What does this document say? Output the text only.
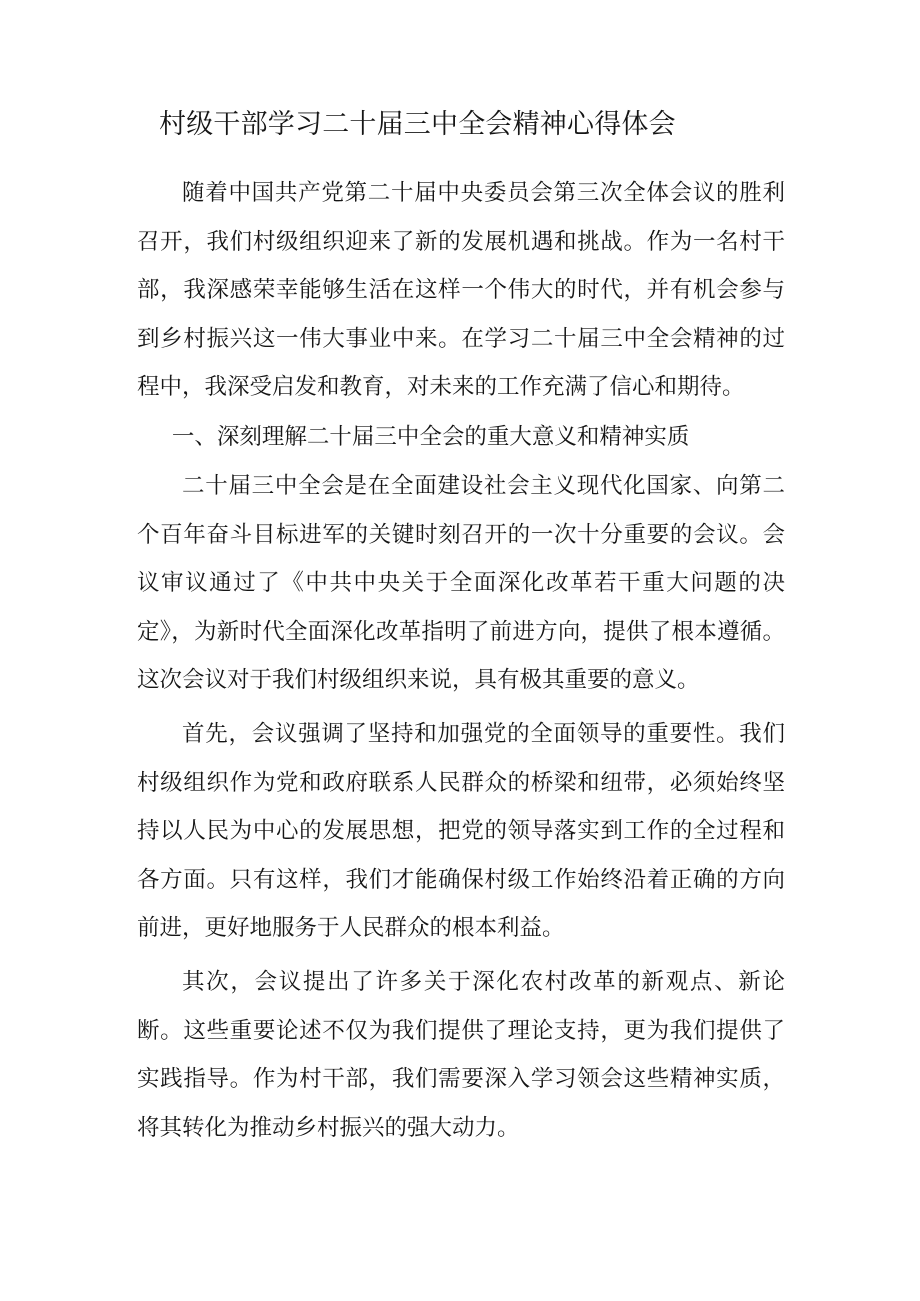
村级干部学习二十届三中全会精神心得体会

随着中国共产党第二十届中央委员会第三次全体会议的胜利召开，我们村级组织迎来了新的发展机遇和挑战。作为一名村干部，我深感荣幸能够生活在这样一个伟大的时代，并有机会参与到乡村振兴这一伟大事业中来。在学习二十届三中全会精神的过程中，我深受启发和教育，对未来的工作充满了信心和期待。

一、深刻理解二十届三中全会的重大意义和精神实质

二十届三中全会是在全面建设社会主义现代化国家、向第二个百年奋斗目标进军的关键时刻召开的一次十分重要的会议。会议审议通过了《中共中央关于全面深化改革若干重大问题的决定》，为新时代全面深化改革指明了前进方向，提供了根本遵循。这次会议对于我们村级组织来说，具有极其重要的意义。

首先，会议强调了坚持和加强党的全面领导的重要性。我们村级组织作为党和政府联系人民群众的桥梁和纽带，必须始终坚持以人民为中心的发展思想，把党的领导落实到工作的全过程和各方面。只有这样，我们才能确保村级工作始终沿着正确的方向前进，更好地服务于人民群众的根本利益。

其次，会议提出了许多关于深化农村改革的新观点、新论断。这些重要论述不仅为我们提供了理论支持，更为我们提供了实践指导。作为村干部，我们需要深入学习领会这些精神实质，将其转化为推动乡村振兴的强大动力。
